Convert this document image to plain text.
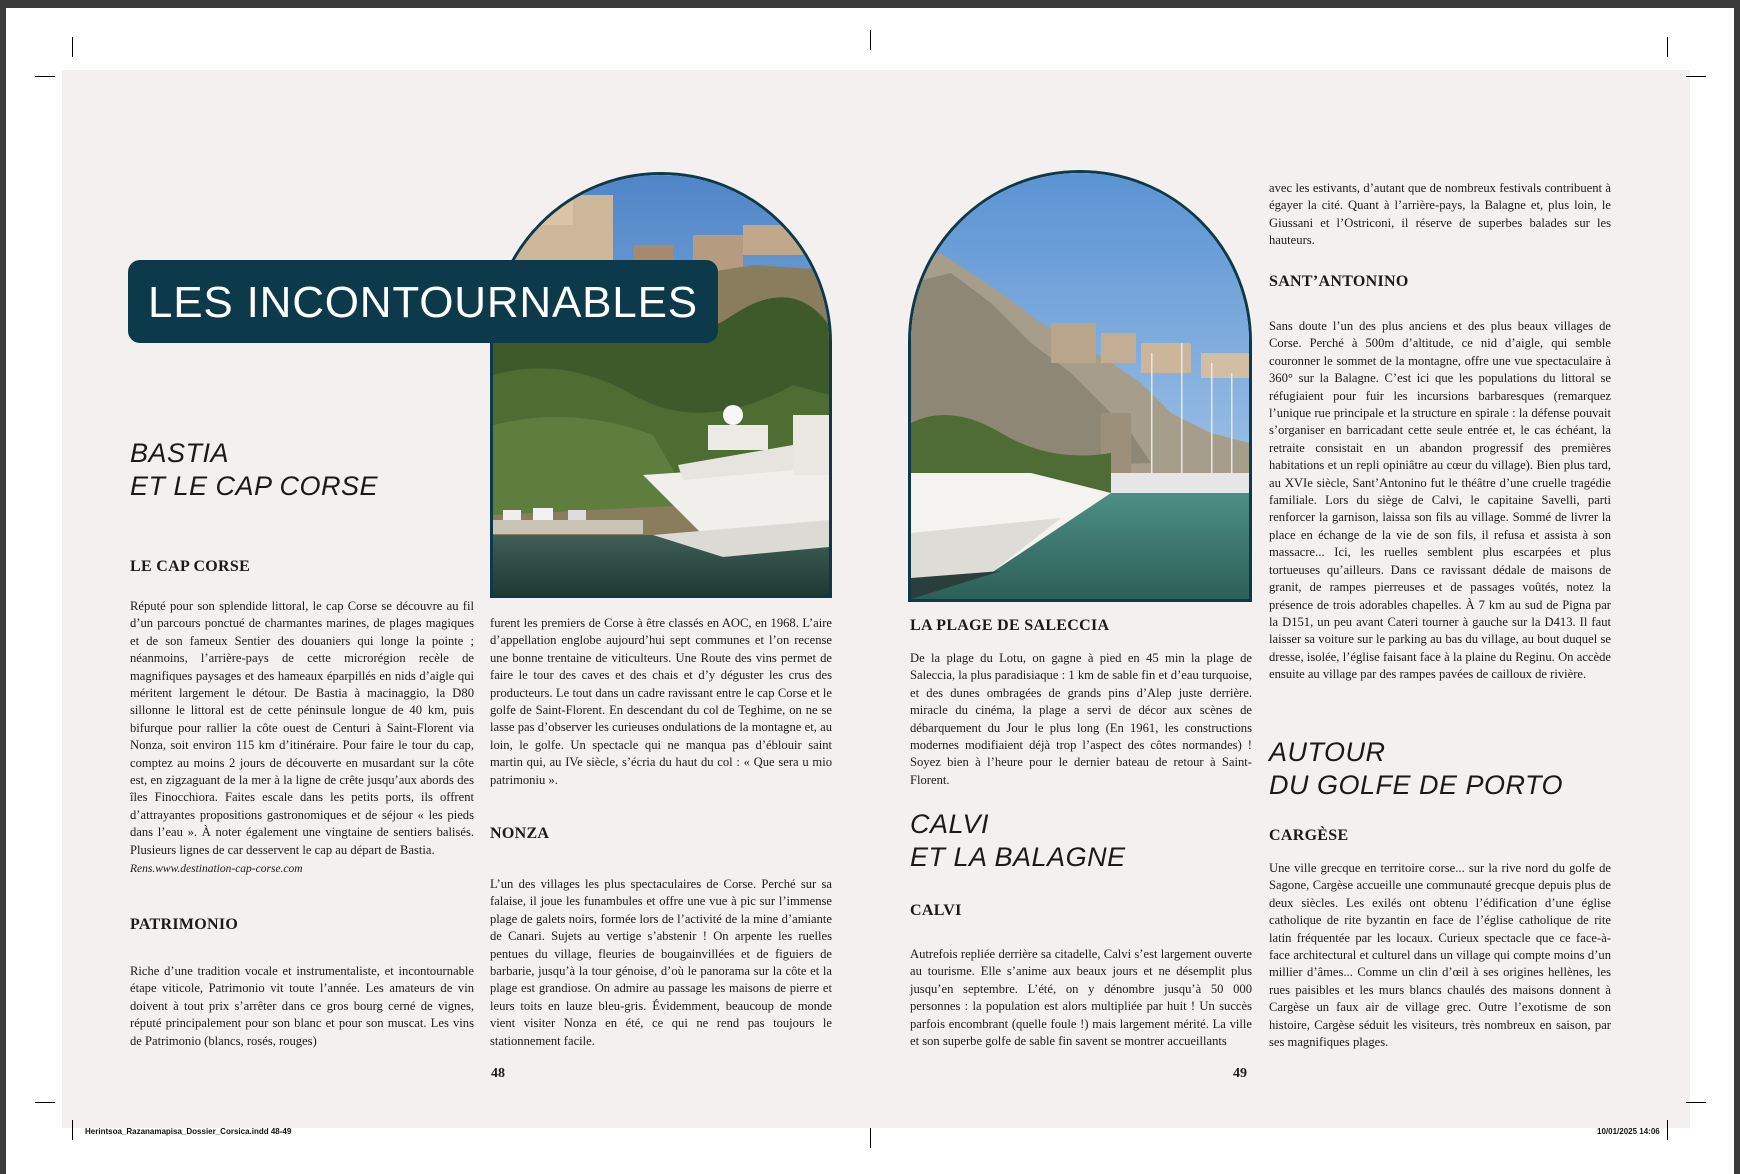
LES INCONTOURNABLES
BASTIA
ET LE CAP CORSE
LE CAP CORSE

Réputé pour son splendide littoral, le cap Corse se découvre au fil d’un parcours ponctué de charmantes marines, de plages magiques et de son fameux Sentier des douaniers qui longe la pointe ; néanmoins, l’arrière-pays de cette microrégion recèle de magnifiques paysages et des hameaux éparpillés en nids d’aigle qui méritent largement le détour. De Bastia à macinaggio, la D80 sillonne le littoral est de cette péninsule longue de 40 km, puis bifurque pour rallier la côte ouest de Centuri à Saint-Florent via Nonza, soit environ 115 km d’itinéraire. Pour faire le tour du cap, comptez au moins 2 jours de découverte en musardant sur la côte est, en zigzaguant de la mer à la ligne de crête jusqu’aux abords des îles Finocchiora. Faites escale dans les petits ports, ils offrent d’attrayantes propositions gastronomiques et de séjour « les pieds dans l’eau ». À noter également une vingtaine de sentiers balisés. Plusieurs lignes de car desservent le cap au départ de Bastia.

Rens.www.destination-cap-corse.com
PATRIMONIO

Riche d’une tradition vocale et instrumentaliste, et incontournable étape viticole, Patrimonio vit toute l’année. Les amateurs de vin doivent à tout prix s’arrêter dans ce gros bourg cerné de vignes, réputé principalement pour son blanc et pour son muscat. Les vins de Patrimonio (blancs, rosés, rouges)

furent les premiers de Corse à être classés en AOC, en 1968. L’aire d’appellation englobe aujourd’hui sept communes et l’on recense une bonne trentaine de viticulteurs. Une Route des vins permet de faire le tour des caves et des chais et d’y déguster les crus des producteurs. Le tout dans un cadre ravissant entre le cap Corse et le golfe de Saint-Florent. En descendant du col de Teghime, on ne se lasse pas d’observer les curieuses ondulations de la montagne et, au loin, le golfe. Un spectacle qui ne manqua pas d’éblouir saint martin qui, au IVe siècle, s’écria du haut du col : « Que sera u mio patrimoniu ».

NONZA

L’un des villages les plus spectaculaires de Corse. Perché sur sa falaise, il joue les funambules et offre une vue à pic sur l’immense plage de galets noirs, formée lors de l’activité de la mine d’amiante de Canari. Sujets au vertige s’abstenir ! On arpente les ruelles pentues du village, fleuries de bougainvillées et de figuiers de barbarie, jusqu’à la tour génoise, d’où le panorama sur la côte et la plage est grandiose. On admire au passage les maisons de pierre et leurs toits en lauze bleu-gris. Évidemment, beaucoup de monde vient visiter Nonza en été, ce qui ne rend pas toujours le stationnement facile.

48
LA PLAGE DE SALECCIA

De la plage du Lotu, on gagne à pied en 45 min la plage de Saleccia, la plus paradisiaque : 1 km de sable fin et d’eau turquoise, et des dunes ombragées de grands pins d’Alep juste derrière. miracle du cinéma, la plage a servi de décor aux scènes de débarquement du Jour le plus long (En 1961, les constructions modernes modifiaient déjà trop l’aspect des côtes normandes) ! Soyez bien à l’heure pour le dernier bateau de retour à Saint-Florent.

CALVI
ET LA BALAGNE
CALVI

Autrefois repliée derrière sa citadelle, Calvi s’est largement ouverte au tourisme. Elle s’anime aux beaux jours et ne désemplit plus jusqu’en septembre. L’été, on y dénombre jusqu’à 50 000 personnes : la population est alors multipliée par huit ! Un succès parfois encombrant (quelle foule !) mais largement mérité. La ville et son superbe golfe de sable fin savent se montrer accueillants

avec les estivants, d’autant que de nombreux festivals contribuent à égayer la cité. Quant à l’arrière-pays, la Balagne et, plus loin, le Giussani et l’Ostriconi, il réserve de superbes balades sur les hauteurs.

SANT’ANTONINO

Sans doute l’un des plus anciens et des plus beaux villages de Corse. Perché à 500m d’altitude, ce nid d’aigle, qui semble couronner le sommet de la montagne, offre une vue spectaculaire à 360° sur la Balagne. C’est ici que les populations du littoral se réfugiaient pour fuir les incursions barbaresques (remarquez l’unique rue principale et la structure en spirale : la défense pouvait s’organiser en barricadant cette seule entrée et, le cas échéant, la retraite consistait en un abandon progressif des premières habitations et un repli opiniâtre au cœur du village). Bien plus tard, au XVIe siècle, Sant’Antonino fut le théâtre d’une cruelle tragédie familiale. Lors du siège de Calvi, le capitaine Savelli, parti renforcer la garnison, laissa son fils au village. Sommé de livrer la place en échange de la vie de son fils, il refusa et assista à son massacre... Ici, les ruelles semblent plus escarpées et plus tortueuses qu’ailleurs. Dans ce ravissant dédale de maisons de granit, de rampes pierreuses et de passages voûtés, notez la présence de trois adorables chapelles. À 7 km au sud de Pigna par la D151, un peu avant Cateri tourner à gauche sur la D413. Il faut laisser sa voiture sur le parking au bas du village, au bout duquel se dresse, isolée, l’église faisant face à la plaine du Reginu. On accède ensuite au village par des rampes pavées de cailloux de rivière.

AUTOUR
DU GOLFE DE PORTO
CARGÈSE

Une ville grecque en territoire corse... sur la rive nord du golfe de Sagone, Cargèse accueille une communauté grecque depuis plus de deux siècles. Les exilés ont obtenu l’édification d’une église catholique de rite byzantin en face de l’église catholique de rite latin fréquentée par les locaux. Curieux spectacle que ce face-à-face architectural et culturel dans un village qui compte moins d’un millier d’âmes... Comme un clin d’œil à ses origines hellènes, les rues paisibles et les murs blancs chaulés des maisons donnent à Cargèse un faux air de village grec. Outre l’exotisme de son histoire, Cargèse séduit les visiteurs, très nombreux en saison, par ses magnifiques plages.

49
Herintsoa_Razanamapisa_Dossier_Corsica.indd 48-49	10/01/2025 14:06
